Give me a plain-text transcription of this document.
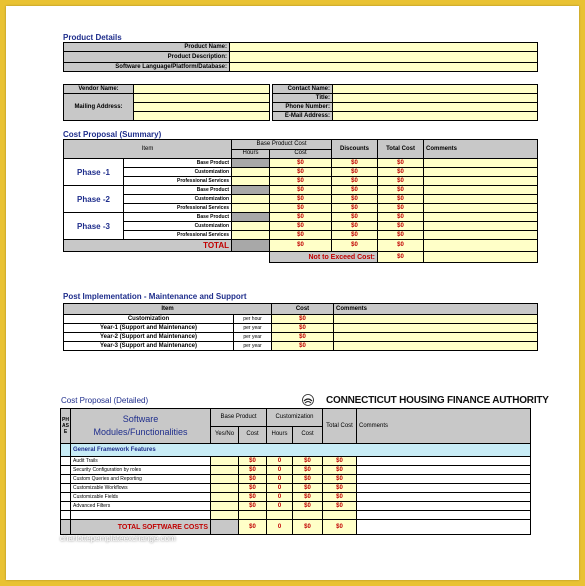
Product Details
Product Name:	
Product Description:	
Software Language/Platform/Database:	
Vendor Name:	
Mailing Address:	

Contact Name:	
Title:	
Phone Number:	
E-Mail Address:	
Cost Proposal (Summary)
Item		Base Product Cost		Discounts	Total Cost	Comments
		Hours	Cost			
Phase -1	Base Product		$0	$0	$0	
	Customization		$0	$0	$0	
	Professional Services		$0	$0	$0	
Phase -2	Base Product		$0	$0	$0	
	Customization		$0	$0	$0	
	Professional Services		$0	$0	$0	
Phase -3	Base Product		$0	$0	$0	
	Customization		$0	$0	$0	
	Professional Services		$0	$0	$0	
TOTAL			$0	$0	$0	
			Not to Exceed Cost:		$0	
Post Implementation - Maintenance and Support
Item		Cost	Comments
Customization	per hour	$0	
Year-1 (Support and Maintenance)	per year	$0	
Year-2 (Support and Maintenance)	per year	$0	
Year-3 (Support and Maintenance)	per year	$0	
Cost Proposal (Detailed)	CONNECTICUT HOUSING FINANCE AUTHORITY
PHASE	Software
Modules/Functionalities	Base Product		Customization		Total Cost	Comments
		Yes/No	Cost	Hours	Cost		
	General Framework Features						
	Audit Trails		$0	0	$0	$0	
	Security Configuration by roles		$0	0	$0	$0	
	Custom Queries and Reporting		$0	0	$0	$0	
	Customizable Workflows		$0	0	$0	$0	
	Customizable Fields		$0	0	$0	$0	
	Advanced Filters		$0	0	$0	$0	

	TOTAL SOFTWARE COSTS		$0	0	$0	$0	
charlottepemplateexchange.com
